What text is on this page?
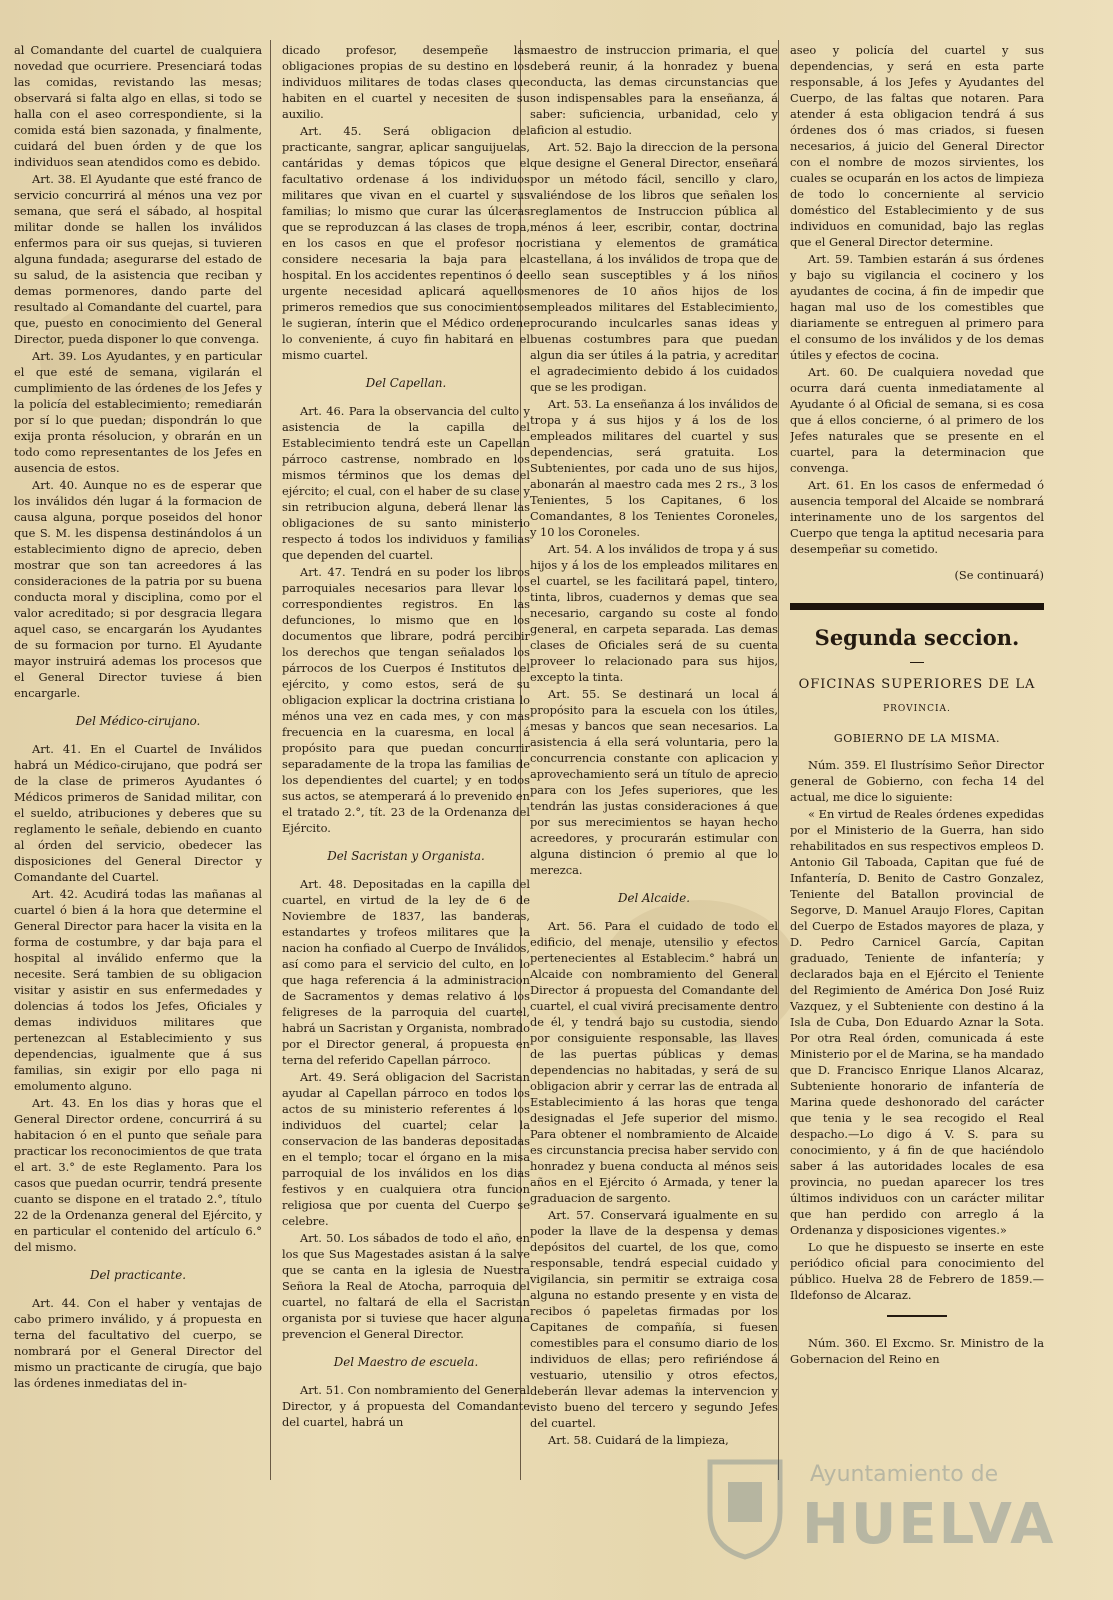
al Comandante del cuartel de cualquiera novedad que ocurriere. Presenciará todas las comidas, revistando las mesas; observará si falta algo en ellas, si todo se halla con el aseo correspondiente, si la comida está bien sazonada, y finalmente, cuidará del buen órden y de que los individuos sean atendidos como es debido.

Art. 38. El Ayudante que esté franco de servicio concurrirá al ménos una vez por semana, que será el sábado, al hospital militar donde se hallen los inválidos enfermos para oir sus quejas, si tuvieren alguna fundada; asegurarse del estado de su salud, de la asistencia que reciban y demas pormenores, dando parte del resultado al Comandante del cuartel, para que, puesto en conocimiento del General Director, pueda disponer lo que convenga.

Art. 39. Los Ayudantes, y en particular el que esté de semana, vigilarán el cumplimiento de las órdenes de los Jefes y la policía del establecimiento; remediarán por sí lo que puedan; dispondrán lo que exija pronta résolucion, y obrarán en un todo como representantes de los Jefes en ausencia de estos.

Art. 40. Aunque no es de esperar que los inválidos dén lugar á la formacion de causa alguna, porque poseidos del honor que S. M. les dispensa destinándolos á un establecimiento digno de aprecio, deben mostrar que son tan acreedores á las consideraciones de la patria por su buena conducta moral y disciplina, como por el valor acreditado; si por desgracia llegara aquel caso, se encargarán los Ayudantes de su formacion por turno. El Ayudante mayor instruirá ademas los procesos que el General Director tuviese á bien encargarle.

Del Médico-cirujano.

Art. 41. En el Cuartel de Inválidos habrá un Médico-cirujano, que podrá ser de la clase de primeros Ayudantes ó Médicos primeros de Sanidad militar, con el sueldo, atribuciones y deberes que su reglamento le señale, debiendo en cuanto al órden del servicio, obedecer las disposiciones del General Director y Comandante del Cuartel.

Art. 42. Acudirá todas las mañanas al cuartel ó bien á la hora que determine el General Director para hacer la visita en la forma de costumbre, y dar baja para el hospital al inválido enfermo que la necesite. Será tambien de su obligacion visitar y asistir en sus enfermedades y dolencias á todos los Jefes, Oficiales y demas individuos militares que pertenezcan al Establecimiento y sus dependencias, igualmente que á sus familias, sin exigir por ello paga ni emolumento alguno.

Art. 43. En los dias y horas que el General Director ordene, concurrirá á su habitacion ó en el punto que señale para practicar los reconocimientos de que trata el art. 3.° de este Reglamento. Para los casos que puedan ocurrir, tendrá presente cuanto se dispone en el tratado 2.°, título 22 de la Ordenanza general del Ejército, y en particular el contenido del artículo 6.° del mismo.

Del practicante.

Art. 44. Con el haber y ventajas de cabo primero inválido, y á propuesta en terna del facultativo del cuerpo, se nombrará por el General Director del mismo un practicante de cirugía, que bajo las órdenes inmediatas del in-

dicado profesor, desempeñe las obligaciones propias de su destino en los individuos militares de todas clases que habiten en el cuartel y necesiten de su auxilio.

Art. 45. Será obligacion del practicante, sangrar, aplicar sanguijuelas, cantáridas y demas tópicos que el facultativo ordenase á los individuos militares que vivan en el cuartel y sus familias; lo mismo que curar las úlceras que se reproduzcan á las clases de tropa, en los casos en que el profesor no considere necesaria la baja para el hospital. En los accidentes repentinos ó de urgente necesidad aplicará aquellos primeros remedios que sus conocimientos le sugieran, ínterin que el Médico ordene lo conveniente, á cuyo fin habitará en el mismo cuartel.

Del Capellan.

Art. 46. Para la observancia del culto y asistencia de la capilla del Establecimiento tendrá este un Capellan párroco castrense, nombrado en los mismos términos que los demas del ejército; el cual, con el haber de su clase y sin retribucion alguna, deberá llenar las obligaciones de su santo ministerio respecto á todos los individuos y familias que dependen del cuartel.

Art. 47. Tendrá en su poder los libros parroquiales necesarios para llevar los correspondientes registros. En las defunciones, lo mismo que en los documentos que librare, podrá percibir los derechos que tengan señalados los párrocos de los Cuerpos é Institutos del ejército, y como estos, será de su obligacion explicar la doctrina cristiana lo ménos una vez en cada mes, y con mas frecuencia en la cuaresma, en local á propósito para que puedan concurrir separadamente de la tropa las familias de los dependientes del cuartel; y en todos sus actos, se atemperará á lo prevenido en el tratado 2.°, tít. 23 de la Ordenanza del Ejército.

Del Sacristan y Organista.

Art. 48. Depositadas en la capilla del cuartel, en virtud de la ley de 6 de Noviembre de 1837, las banderas, estandartes y trofeos militares que la nacion ha confiado al Cuerpo de Inválidos, así como para el servicio del culto, en lo que haga referencia á la administracion de Sacramentos y demas relativo á los feligreses de la parroquia del cuartel, habrá un Sacristan y Organista, nombrado por el Director general, á propuesta en terna del referido Capellan párroco.

Art. 49. Será obligacion del Sacristan ayudar al Capellan párroco en todos los actos de su ministerio referentes á los individuos del cuartel; celar la conservacion de las banderas depositadas en el templo; tocar el órgano en la misa parroquial de los inválidos en los dias festivos y en cualquiera otra funcion religiosa que por cuenta del Cuerpo se celebre.

Art. 50. Los sábados de todo el año, en los que Sus Magestades asistan á la salve que se canta en la iglesia de Nuestra Señora la Real de Atocha, parroquia del cuartel, no faltará de ella el Sacristan organista por si tuviese que hacer alguna prevencion el General Director.

Del Maestro de escuela.

Art. 51. Con nombramiento del General Director, y á propuesta del Comandante del cuartel, habrá un

maestro de instruccion primaria, el que deberá reunir, á la honradez y buena conducta, las demas circunstancias que son indispensables para la enseñanza, á saber: suficiencia, urbanidad, celo y aficion al estudio.

Art. 52. Bajo la direccion de la persona que designe el General Director, enseñará por un método fácil, sencillo y claro, valiéndose de los libros que señalen los reglamentos de Instruccion pública al ménos á leer, escribir, contar, doctrina cristiana y elementos de gramática castellana, á los inválidos de tropa que de ello sean susceptibles y á los niños menores de 10 años hijos de los empleados militares del Establecimiento, procurando inculcarles sanas ideas y buenas costumbres para que puedan algun dia ser útiles á la patria, y acreditar el agradecimiento debido á los cuidados que se les prodigan.

Art. 53. La enseñanza á los inválidos de tropa y á sus hijos y á los de los empleados militares del cuartel y sus dependencias, será gratuita. Los Subtenientes, por cada uno de sus hijos, abonarán al maestro cada mes 2 rs., 3 los Tenientes, 5 los Capitanes, 6 los Comandantes, 8 los Tenientes Coroneles, y 10 los Coroneles.

Art. 54. A los inválidos de tropa y á sus hijos y á los de los empleados militares en el cuartel, se les facilitará papel, tintero, tinta, libros, cuadernos y demas que sea necesario, cargando su coste al fondo general, en carpeta separada. Las demas clases de Oficiales será de su cuenta proveer lo relacionado para sus hijos, excepto la tinta.

Art. 55. Se destinará un local á propósito para la escuela con los útiles, mesas y bancos que sean necesarios. La asistencia á ella será voluntaria, pero la concurrencia constante con aplicacion y aprovechamiento será un título de aprecio para con los Jefes superiores, que les tendrán las justas consideraciones á que por sus merecimientos se hayan hecho acreedores, y procurarán estimular con alguna distincion ó premio al que lo merezca.

Del Alcaide.

Art. 56. Para el cuidado de todo el edificio, del menaje, utensilio y efectos pertenecientes al Establecim.° habrá un Alcaide con nombramiento del General Director á propuesta del Comandante del cuartel, el cual vivirá precisamente dentro de él, y tendrá bajo su custodia, siendo por consiguiente responsable, las llaves de las puertas públicas y demas dependencias no habitadas, y será de su obligacion abrir y cerrar las de entrada al Establecimiento á las horas que tenga designadas el Jefe superior del mismo. Para obtener el nombramiento de Alcaide es circunstancia precisa haber servido con honradez y buena conducta al ménos seis años en el Ejército ó Armada, y tener la graduacion de sargento.

Art. 57. Conservará igualmente en su poder la llave de la despensa y demas depósitos del cuartel, de los que, como responsable, tendrá especial cuidado y vigilancia, sin permitir se extraiga cosa alguna no estando presente y en vista de recibos ó papeletas firmadas por los Capitanes de compañía, si fuesen comestibles para el consumo diario de los individuos de ellas; pero refiriéndose á vestuario, utensilio y otros efectos, deberán llevar ademas la intervencion y visto bueno del tercero y segundo Jefes del cuartel.

Art. 58. Cuidará de la limpieza,

aseo y policía del cuartel y sus dependencias, y será en esta parte responsable, á los Jefes y Ayudantes del Cuerpo, de las faltas que notaren. Para atender á esta obligacion tendrá á sus órdenes dos ó mas criados, si fuesen necesarios, á juicio del General Director con el nombre de mozos sirvientes, los cuales se ocuparán en los actos de limpieza de todo lo concerniente al servicio doméstico del Establecimiento y de sus individuos en comunidad, bajo las reglas que el General Director determine.

Art. 59. Tambien estarán á sus órdenes y bajo su vigilancia el cocinero y los ayudantes de cocina, á fin de impedir que hagan mal uso de los comestibles que diariamente se entreguen al primero para el consumo de los inválidos y de los demas útiles y efectos de cocina.

Art. 60. De cualquiera novedad que ocurra dará cuenta inmediatamente al Ayudante ó al Oficial de semana, si es cosa que á ellos concierne, ó al primero de los Jefes naturales que se presente en el cuartel, para la determinacion que convenga.

Art. 61. En los casos de enfermedad ó ausencia temporal del Alcaide se nombrará interinamente uno de los sargentos del Cuerpo que tenga la aptitud necesaria para desempeñar su cometido.

(Se continuará)

Segunda seccion.
OFICINAS SUPERIORES DE LA
PROVINCIA.
GOBIERNO DE LA MISMA.

Núm. 359. El Ilustrísimo Señor Director general de Gobierno, con fecha 14 del actual, me dice lo siguiente:

« En virtud de Reales órdenes expedidas por el Ministerio de la Guerra, han sido rehabilitados en sus respectivos empleos D. Antonio Gil Taboada, Capitan que fué de Infantería, D. Benito de Castro Gonzalez, Teniente del Batallon provincial de Segorve, D. Manuel Araujo Flores, Capitan del Cuerpo de Estados mayores de plaza, y D. Pedro Carnicel García, Capitan graduado, Teniente de infantería; y declarados baja en el Ejército el Teniente del Regimiento de América Don José Ruiz Vazquez, y el Subteniente con destino á la Isla de Cuba, Don Eduardo Aznar la Sota. Por otra Real órden, comunicada á este Ministerio por el de Marina, se ha mandado que D. Francisco Enrique Llanos Alcaraz, Subteniente honorario de infantería de Marina quede deshonorado del carácter que tenia y le sea recogido el Real despacho.—Lo digo á V. S. para su conocimiento, y á fin de que haciéndolo saber á las autoridades locales de esa provincia, no puedan aparecer los tres últimos individuos con un carácter militar que han perdido con arreglo á la Ordenanza y disposiciones vigentes.»

Lo que he dispuesto se inserte en este periódico oficial para conocimiento del público. Huelva 28 de Febrero de 1859.—Ildefonso de Alcaraz.

Núm. 360. El Excmo. Sr. Ministro de la Gobernacion del Reino en

Ayuntamiento de
HUELVA
